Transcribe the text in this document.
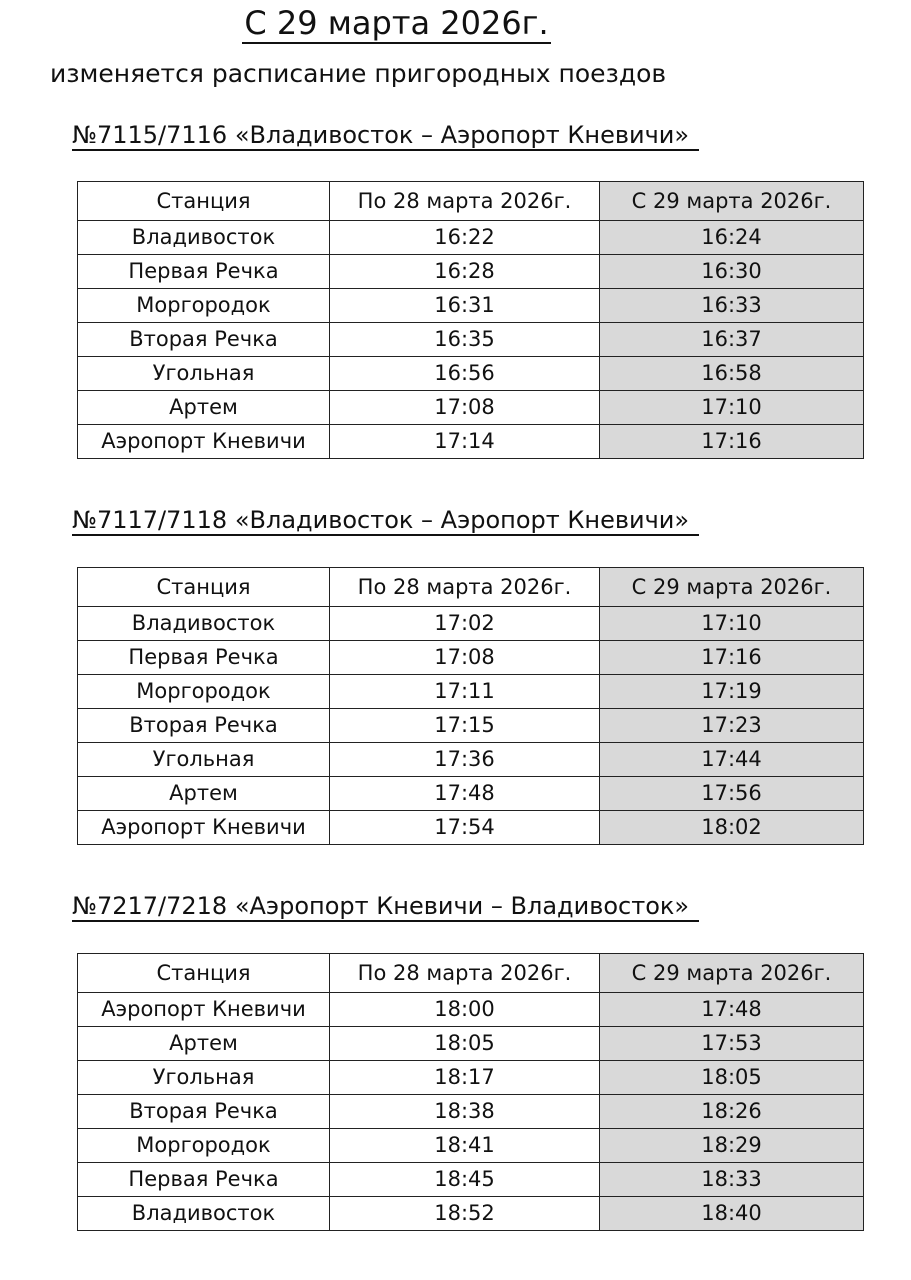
С 29 марта 2026г.
изменяется расписание пригородных поездов
№7115/7116 «Владивосток – Аэропорт Кневичи»
Станция	По 28 марта 2026г.	С 29 марта 2026г.
Владивосток	16:22	16:24
Первая Речка	16:28	16:30
Моргородок	16:31	16:33
Вторая Речка	16:35	16:37
Угольная	16:56	16:58
Артем	17:08	17:10
Аэропорт Кневичи	17:14	17:16
№7117/7118 «Владивосток – Аэропорт Кневичи»
Станция	По 28 марта 2026г.	С 29 марта 2026г.
Владивосток	17:02	17:10
Первая Речка	17:08	17:16
Моргородок	17:11	17:19
Вторая Речка	17:15	17:23
Угольная	17:36	17:44
Артем	17:48	17:56
Аэропорт Кневичи	17:54	18:02
№7217/7218 «Аэропорт Кневичи – Владивосток»
Станция	По 28 марта 2026г.	С 29 марта 2026г.
Аэропорт Кневичи	18:00	17:48
Артем	18:05	17:53
Угольная	18:17	18:05
Вторая Речка	18:38	18:26
Моргородок	18:41	18:29
Первая Речка	18:45	18:33
Владивосток	18:52	18:40
